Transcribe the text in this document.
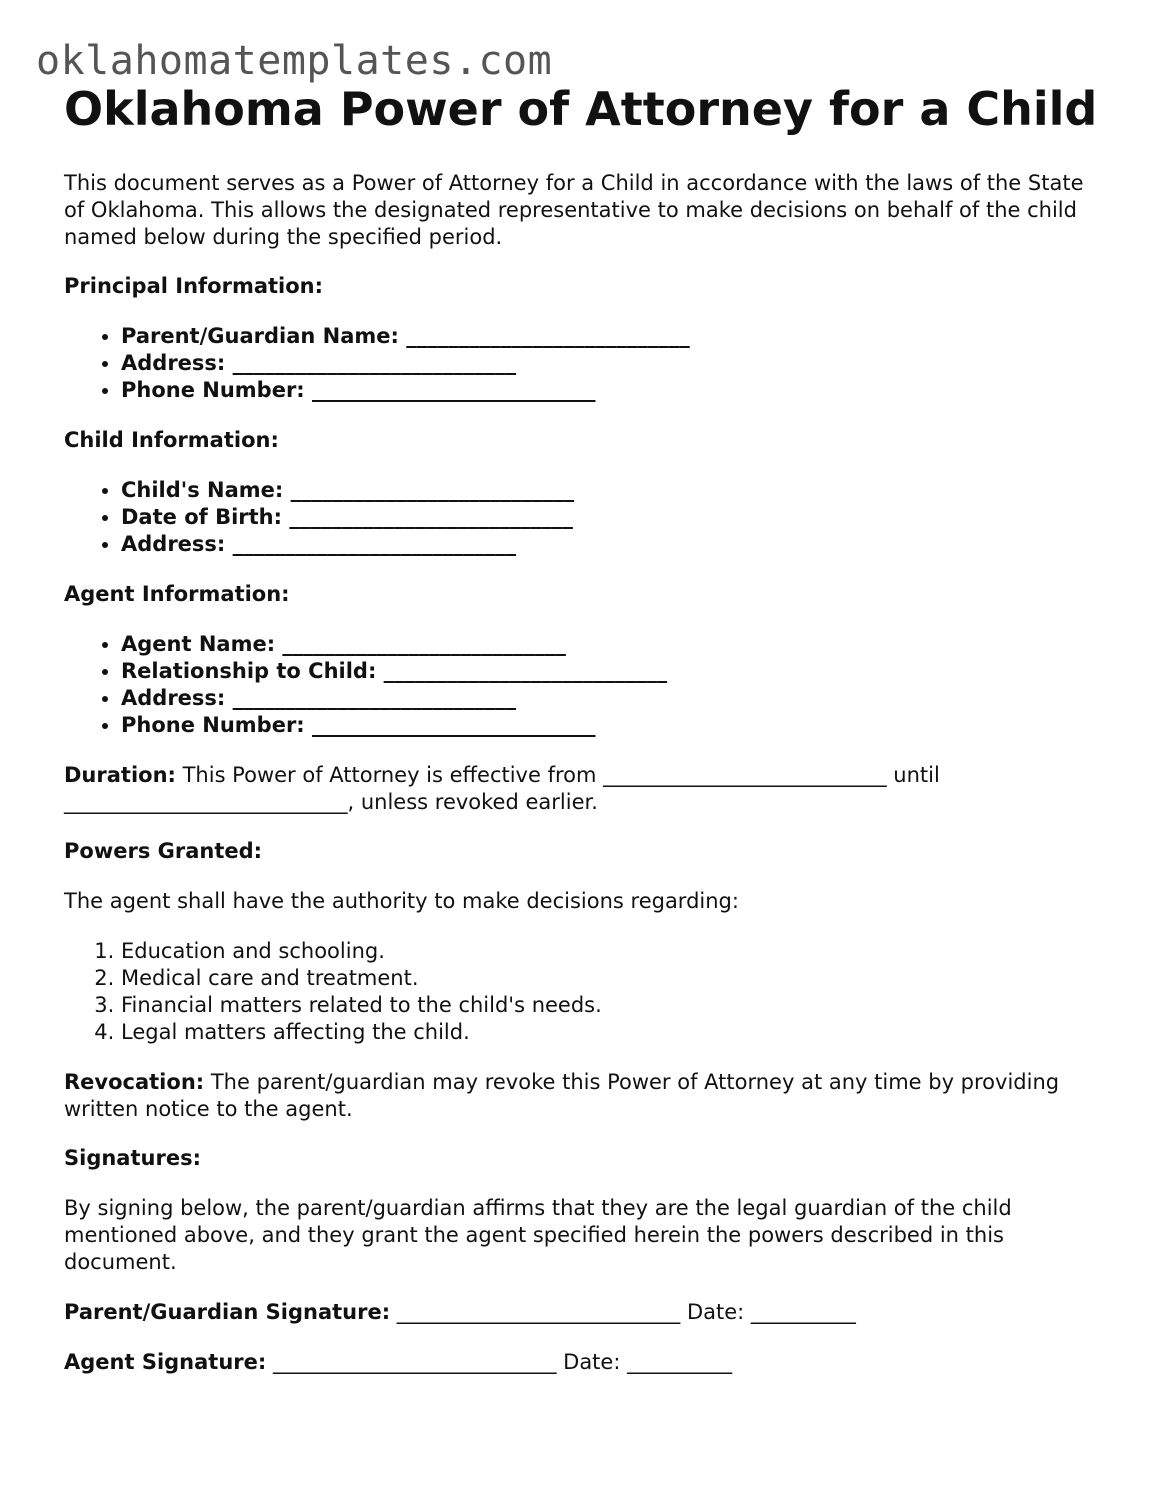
oklahomatemplates.com
Oklahoma Power of Attorney for a Child

This document serves as a Power of Attorney for a Child in accordance with the laws of the State of Oklahoma. This allows the designated representative to make decisions on behalf of the child named below during the specified period.

Principal Information:
• Parent/Guardian Name: ___________________________
• Address: ___________________________
• Phone Number: ___________________________
Child Information:
• Child's Name: ___________________________
• Date of Birth: ___________________________
• Address: ___________________________
Agent Information:
• Agent Name: ___________________________
• Relationship to Child: ___________________________
• Address: ___________________________
• Phone Number: ___________________________

Duration: This Power of Attorney is effective from ___________________________ until ___________________________, unless revoked earlier.

Powers Granted:

The agent shall have the authority to make decisions regarding:

1. Education and schooling.
2. Medical care and treatment.
3. Financial matters related to the child's needs.
4. Legal matters affecting the child.

Revocation: The parent/guardian may revoke this Power of Attorney at any time by providing written notice to the agent.

Signatures:

By signing below, the parent/guardian affirms that they are the legal guardian of the child mentioned above, and they grant the agent specified herein the powers described in this document.

Parent/Guardian Signature: ___________________________ Date: __________

Agent Signature: ___________________________ Date: __________
